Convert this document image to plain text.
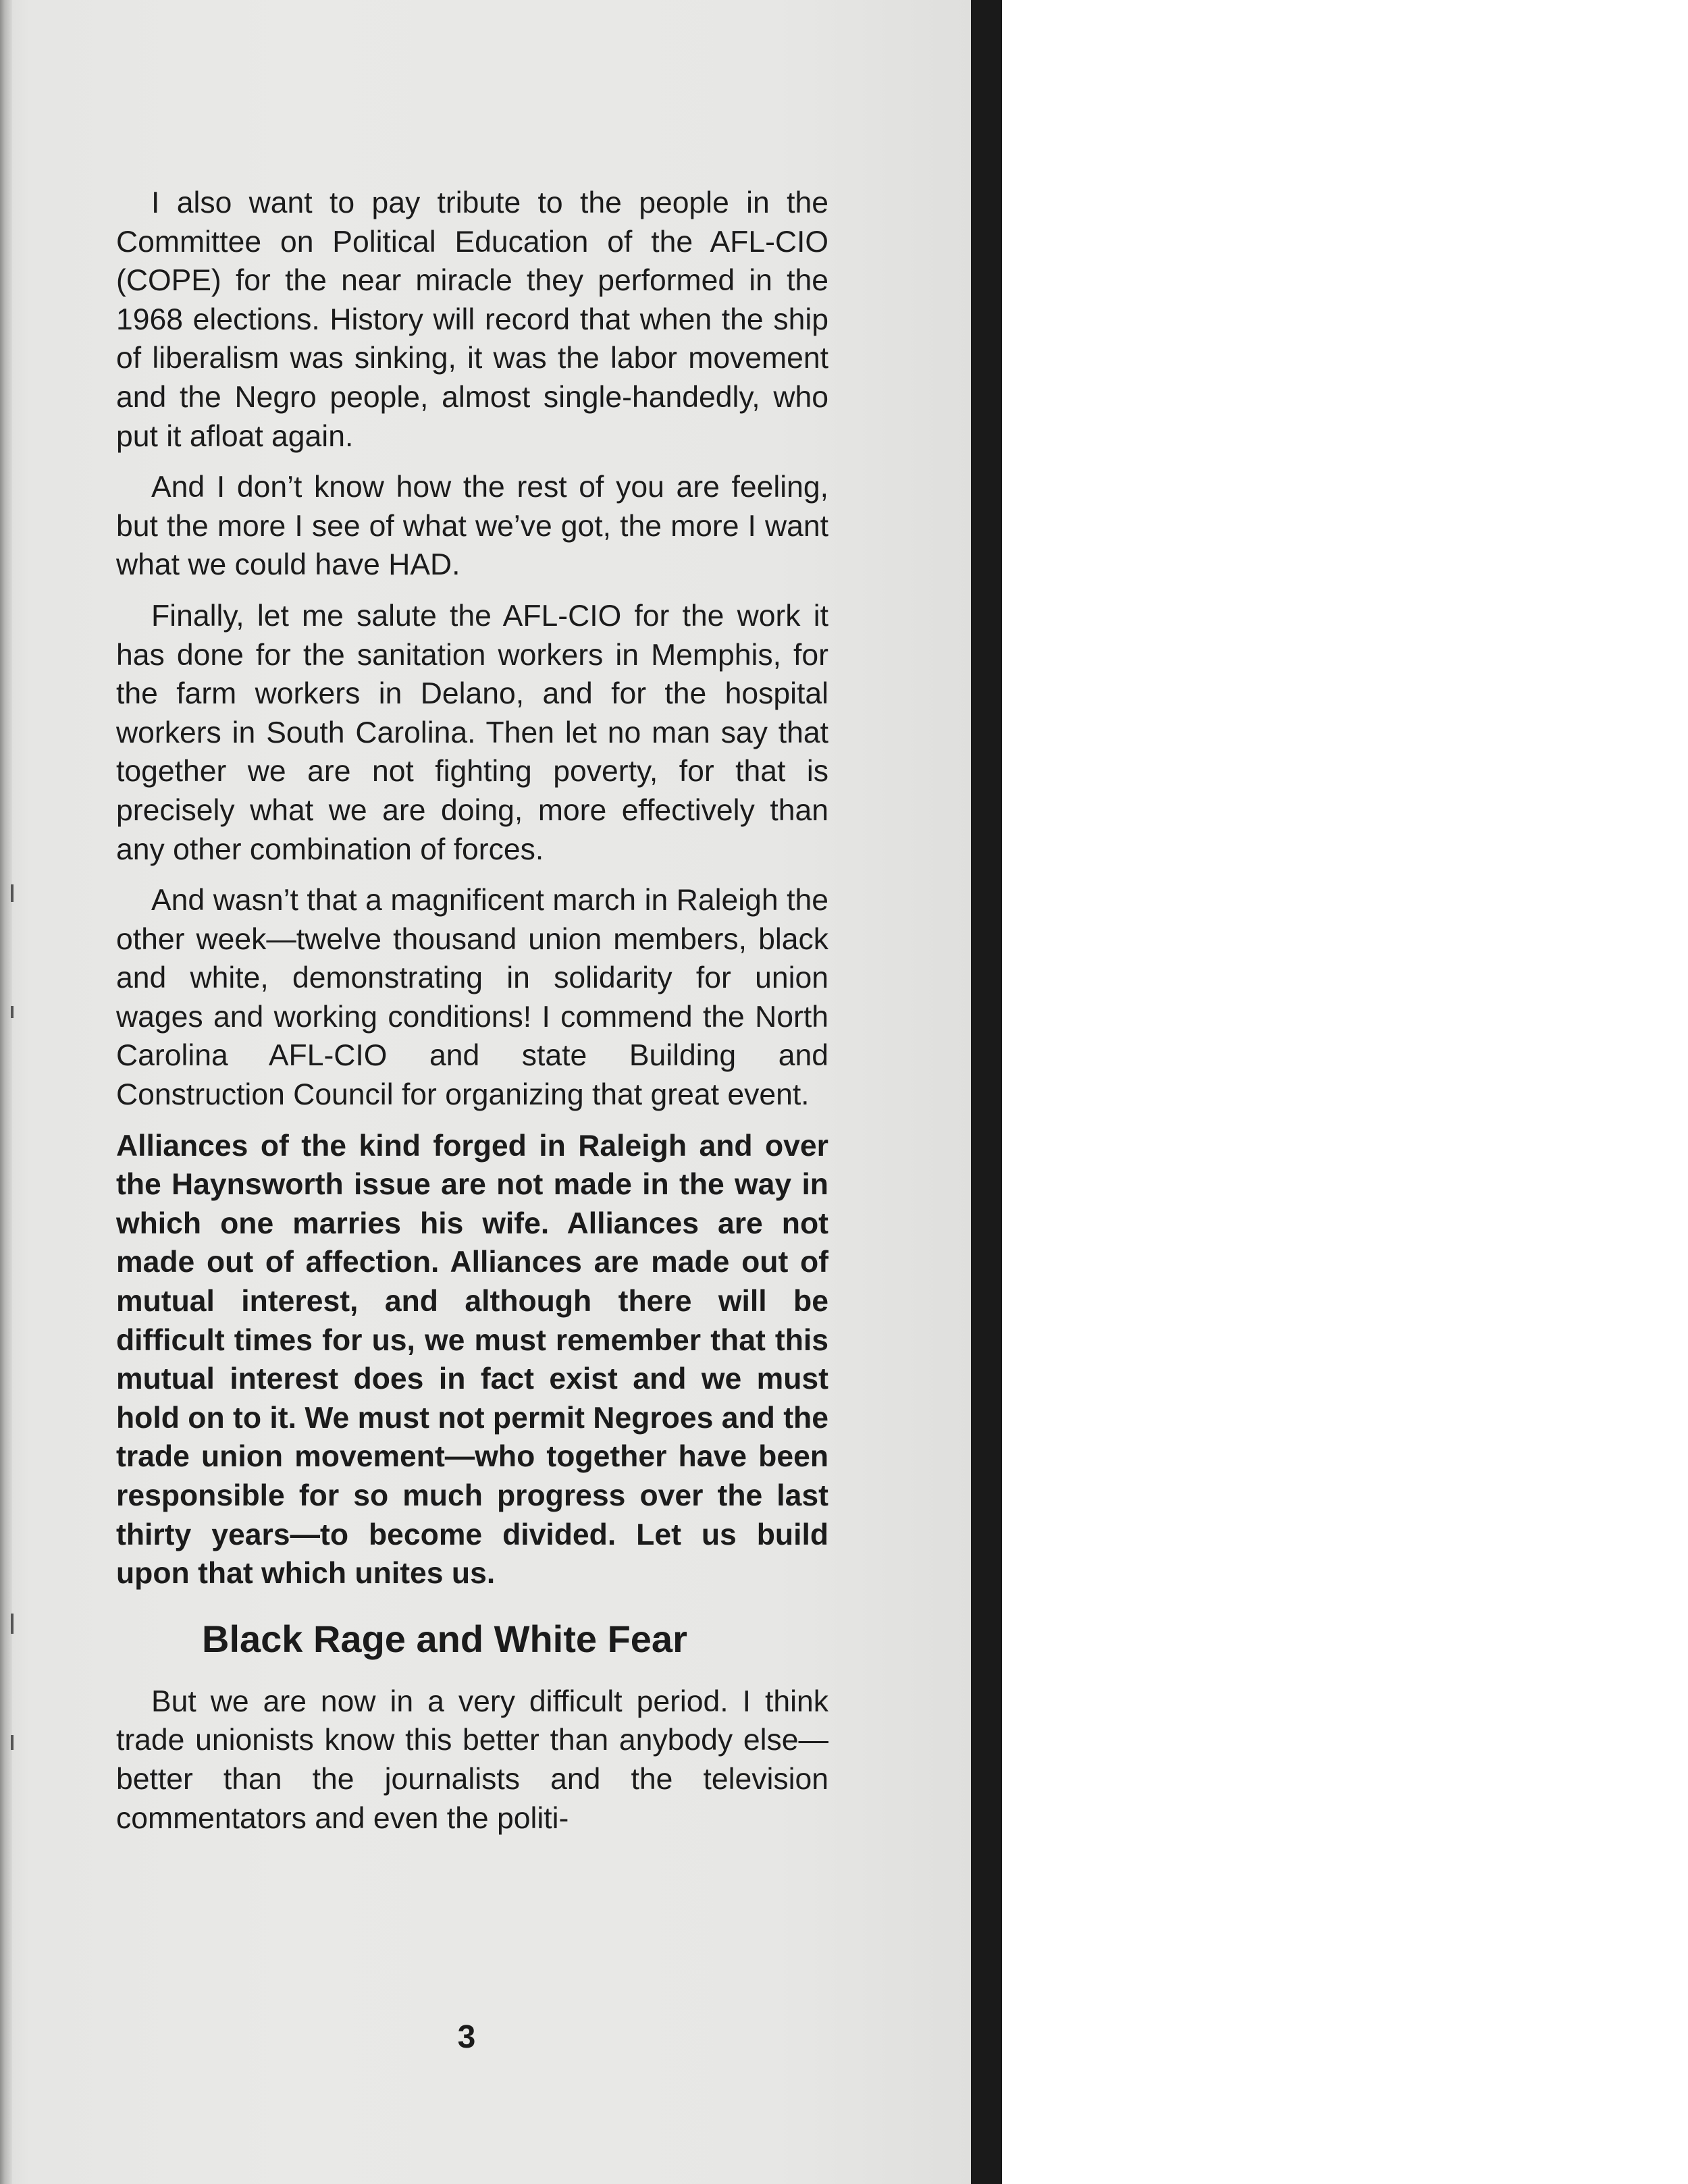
I also want to pay tribute to the people in the Committee on Political Education of the AFL-CIO (COPE) for the near miracle they performed in the 1968 elections. History will record that when the ship of liberalism was sinking, it was the labor movement and the Negro people, almost single-handedly, who put it afloat again.

And I don’t know how the rest of you are feeling, but the more I see of what we’ve got, the more I want what we could have HAD.

Finally, let me salute the AFL-CIO for the work it has done for the sanitation workers in Memphis, for the farm workers in Delano, and for the hospital workers in South Carolina. Then let no man say that together we are not fighting poverty, for that is precisely what we are doing, more effectively than any other combination of forces.

And wasn’t that a magnificent march in Raleigh the other week—twelve thousand union members, black and white, demonstrating in solidarity for union wages and working conditions! I commend the North Carolina AFL-CIO and state Building and Construction Council for organizing that great event.

Alliances of the kind forged in Raleigh and over the Haynsworth issue are not made in the way in which one marries his wife. Alliances are not made out of affection. Alliances are made out of mutual interest, and although there will be difficult times for us, we must remember that this mutual interest does in fact exist and we must hold on to it. We must not permit Negroes and the trade union movement—who together have been responsible for so much progress over the last thirty years—to become divided. Let us build upon that which unites us.

Black Rage and White Fear

But we are now in a very difficult period. I think trade unionists know this better than anybody else—better than the journalists and the television commentators and even the politi-

3
